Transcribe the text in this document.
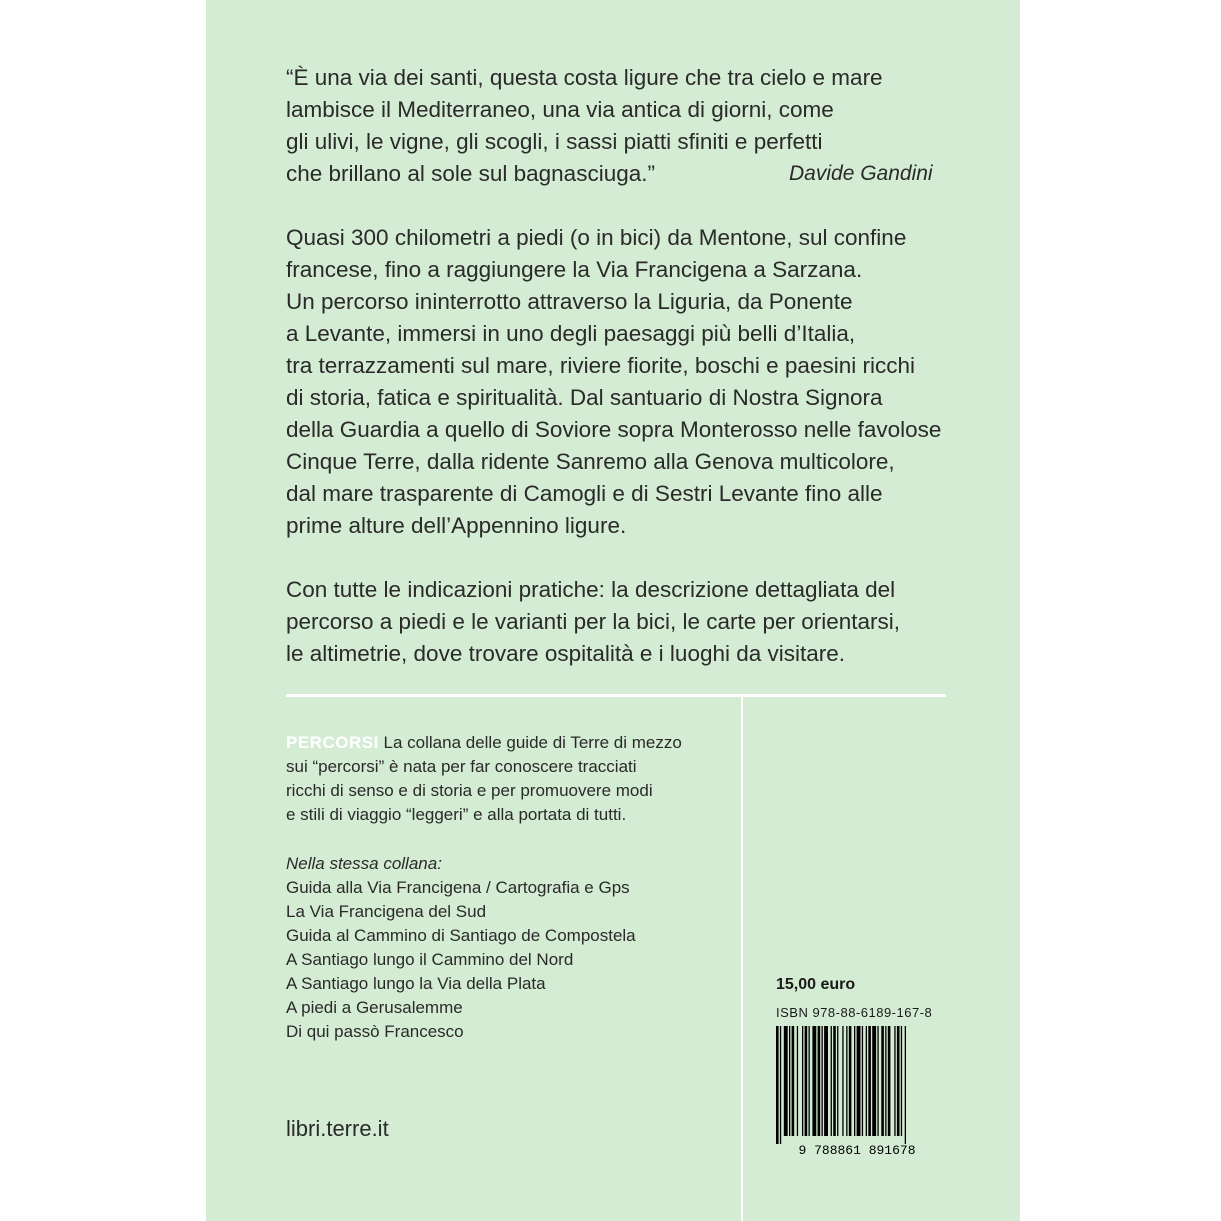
“È una via dei santi, questa costa ligure che tra cielo e mare
lambisce il Mediterraneo, una via antica di giorni, come
gli ulivi, le vigne, gli scogli, i sassi piatti sfiniti e perfetti
che brillano al sole sul bagnasciuga.”	Davide Gandini
Quasi 300 chilometri a piedi (o in bici) da Mentone, sul confine
francese, fino a raggiungere la Via Francigena a Sarzana.
Un percorso ininterrotto attraverso la Liguria, da Ponente
a Levante, immersi in uno degli paesaggi più belli d’Italia,
tra terrazzamenti sul mare, riviere fiorite, boschi e paesini ricchi
di storia, fatica e spiritualità. Dal santuario di Nostra Signora
della Guardia a quello di Soviore sopra Monterosso nelle favolose
Cinque Terre, dalla ridente Sanremo alla Genova multicolore,
dal mare trasparente di Camogli e di Sestri Levante fino alle
prime alture dell’Appennino ligure.
Con tutte le indicazioni pratiche: la descrizione dettagliata del
percorso a piedi e le varianti per la bici, le carte per orientarsi,
le altimetrie, dove trovare ospitalità e i luoghi da visitare.
PERCORSI La collana delle guide di Terre di mezzo
sui “percorsi” è nata per far conoscere tracciati
ricchi di senso e di storia e per promuovere modi
e stili di viaggio “leggeri” e alla portata di tutti.
Nella stessa collana:
Guida alla Via Francigena / Cartografia e Gps
La Via Francigena del Sud
Guida al Cammino di Santiago de Compostela
A Santiago lungo il Cammino del Nord
A Santiago lungo la Via della Plata
A piedi a Gerusalemme
Di qui passò Francesco
libri.terre.it
15,00 euro
ISBN 978-88-6189-167-8
9 788861 891678
